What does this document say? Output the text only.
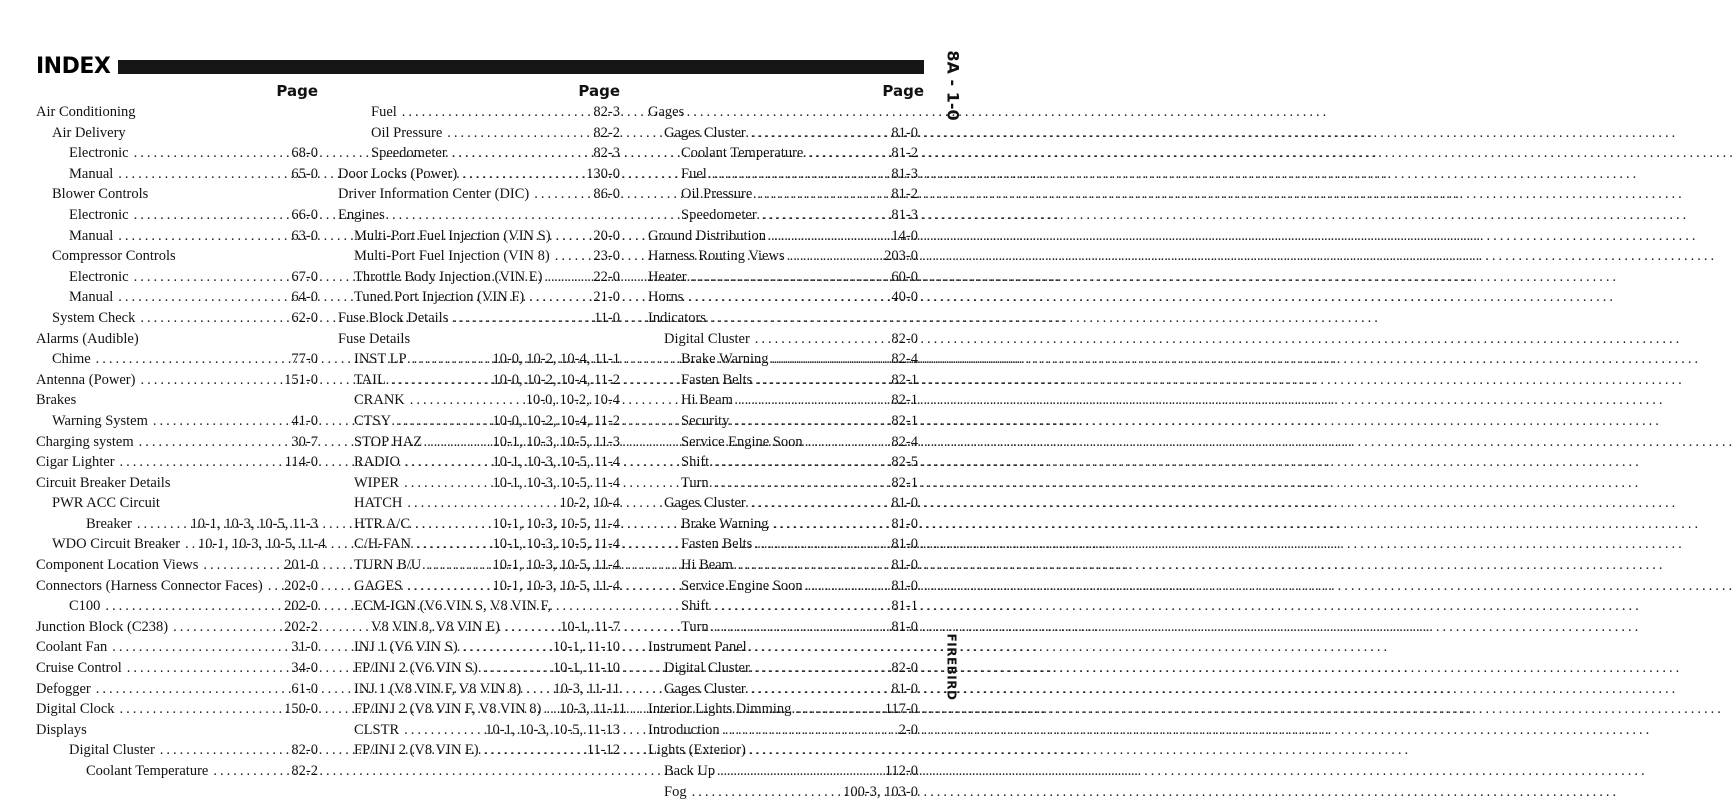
INDEX	8A - 1-0
FIREBIRD
Page
Air Conditioning
Air Delivery
Electronic .....	68-0
Manual .....	65-0
Blower Controls
Electronic .....	66-0
Manual .....	63-0
Compressor Controls
Electronic .....	67-0
Manual .....	64-0
System Check .....	62-0
Alarms (Audible)
Chime .....	77-0
Antenna (Power) .....	151-0
Brakes
Warning System .....	41-0
Charging system .....	30-7
Cigar Lighter .....	114-0
Circuit Breaker Details
PWR ACC Circuit
Breaker .....	10-1, 10-3, 10-5, 11-3
WDO Circuit Breaker ..... 10-1, 10-3, 10-5, 11-4
Component Location Views .....	201-0
Connectors (Harness Connector Faces) ..... 202-0
C100 .....	202-0
Junction Block (C238) .....	202-2
Coolant Fan .....	31-0
Cruise Control .....	34-0
Defogger .....	61-0
Digital Clock .....	150-0
Displays
Digital Cluster .....	82-0
Coolant Temperature .....	82-2
Page
Fuel .....	82-3
Oil Pressure .....	82-2
Speedometer .....	82-3
Door Locks (Power) .....	130-0
Driver Information Center (DIC) .....	86-0
Engines
Multi-Port Fuel Injection (VIN S) .....	20-0
Multi-Port Fuel Injection (VIN 8) .....	23-0
Throttle Body Injection (VIN E) .....	22-0
Tuned Port Injection (VIN F) .....	21-0
Fuse Block Details .....	11-0
Fuse Details
INST LP .....	10-0, 10-2, 10-4, 11-1
TAIL .....	10-0, 10-2, 10-4, 11-2
CRANK .....	10-0, 10-2, 10-4
CTSY .....	10-0, 10-2, 10-4, 11-2
STOP HAZ .....	10-1, 10-3, 10-5, 11-3
RADIO .....	10-1, 10-3, 10-5, 11-4
WIPER .....	10-1, 10-3, 10-5, 11-4
HATCH .....	10-2, 10-4
HTR A/C .....	10-1, 10-3, 10-5, 11-4
C/H-FAN .....	10-1, 10-3, 10-5, 11-4
TURN B/U .....	10-1, 10-3, 10-5, 11-4
GAGES .....	10-1, 10-3, 10-5, 11-4
ECM-IGN (V6 VIN S, V8 VIN F,
V8 VIN 8, V8 VIN E) .....	10-1, 11-7
INJ 1 (V6 VIN S) .....	10-1, 11-10
FP/INJ 2 (V6 VIN S) .....	10-1, 11-10
INJ 1 (V8 VIN F, V8 VIN 8) ..... 10-3, 11-11
FP/INJ 2 (V8 VIN F, V8 VIN 8) ..... 10-3, 11-11
CLSTR .....	10-1, 10-3, 10-5, 11-13
FP/INJ 2 (V8 VIN E) .....	11-12
Page
Gages
Gages Cluster .....	81-0
Coolant Temperature .....	81-2
Fuel .....	81-3
Oil Pressure .....	81-2
Speedometer .....	81-3
Ground Distribution .....	14-0
Harness Routing Views .....	203-0
Heater .....	60-0
Horns .....	40-0
Indicators
Digital Cluster .....	82-0
Brake Warning .....	82-4
Fasten Belts .....	82-1
Hi Beam .....	82-1
Security .....	82-1
Service Engine Soon .....	82-4
Shift .....	82-5
Turn .....	82-1
Gages Cluster .....	81-0
Brake Warning .....	81-0
Fasten Belts .....	81-0
Hi Beam .....	81-0
Service Engine Soon .....	81-0
Shift .....	81-1
Turn .....	81-0
Instrument Panel
Digital Cluster .....	82-0
Gages Cluster .....	81-0
Interior Lights Dimming .....	117-0
Introduction .....	2-0
Lights (Exterior)
Back Up .....	112-0
Fog .....	100-3, 103-0
